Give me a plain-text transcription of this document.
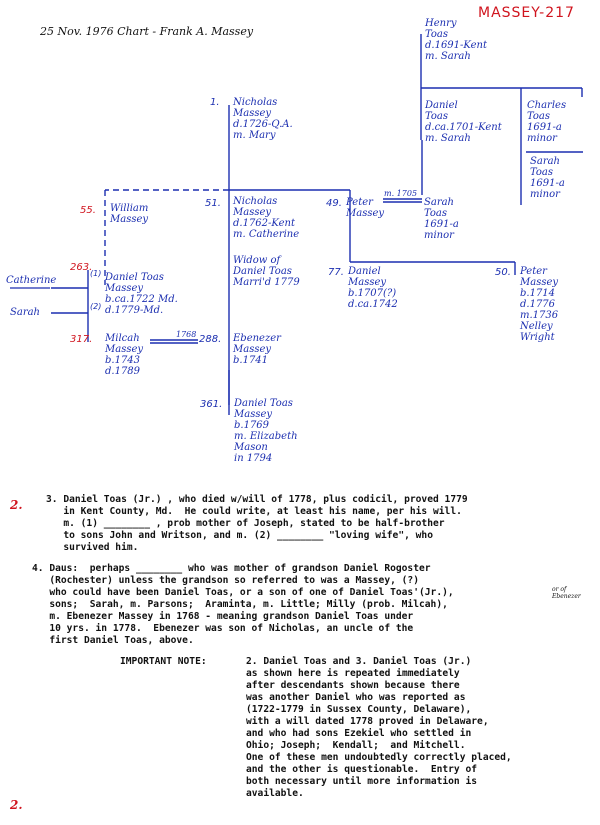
25 Nov. 1976 Chart - Frank A. Massey
MASSEY-217
Henry
Toas
d.1691-Kent
m. Sarah
1. Nicholas
Massey
d.1726-Q.A.
m. Mary
Daniel
Toas
d.ca.1701-Kent
m. Sarah
Charles
Toas
1691-a
minor
Sarah
Toas
1691-a
minor
55. William
Massey
51. Nicholas
Massey
d.1762-Kent
m. Catherine
49. Peter
Massey
m. 1705
Sarah
Toas
1691-a
minor
Widow of
Daniel Toas
Marri'd 1779
263.
(1)
(2)
Catherine
Sarah
Daniel Toas
Massey
b.ca.1722 Md.
d.1779-Md.
77. Daniel
Massey
b.1707(?)
d.ca.1742
50. Peter
Massey
b.1714
d.1776
m.1736
Nelley
Wright
317. Milcah
Massey
b.1743
d.1789
1768 288. Ebenezer
Massey
b.1741
361. Daniel Toas
Massey
b.1769
m. Elizabeth
Mason
in 1794
2.
2.
3. Daniel Toas (Jr.) , who died w/will of 1778, plus codicil, proved 1779
in Kent County, Md.  He could write, at least his name, per his will.
m. (1) ________ , prob mother of Joseph, stated to be half-brother
to sons John and Writson, and m. (2) ________ "loving wife", who
survived him.
4. Daus:  perhaps ________ who was mother of grandson Daniel Rogoster
(Rochester) unless the grandson so referred to was a Massey, (?)
who could have been Daniel Toas, or a son of one of Daniel Toas'(Jr.),
sons;  Sarah, m. Parsons;  Araminta, m. Little; Milly (prob. Milcah),
m. Ebenezer Massey in 1768 - meaning grandson Daniel Toas under
10 yrs. in 1778.  Ebenezer was son of Nicholas, an uncle of the
first Daniel Toas, above.
or of
Ebenezer
IMPORTANT NOTE:	2. Daniel Toas and 3. Daniel Toas (Jr.)
as shown here is repeated immediately
after descendants shown because there
was another Daniel who was reported as
(1722-1779 in Sussex County, Delaware),
with a will dated 1778 proved in Delaware,
and who had sons Ezekiel who settled in
Ohio; Joseph;  Kendall;  and Mitchell.
One of these men undoubtedly correctly placed,
and the other is questionable.  Entry of
both necessary until more information is
available.
